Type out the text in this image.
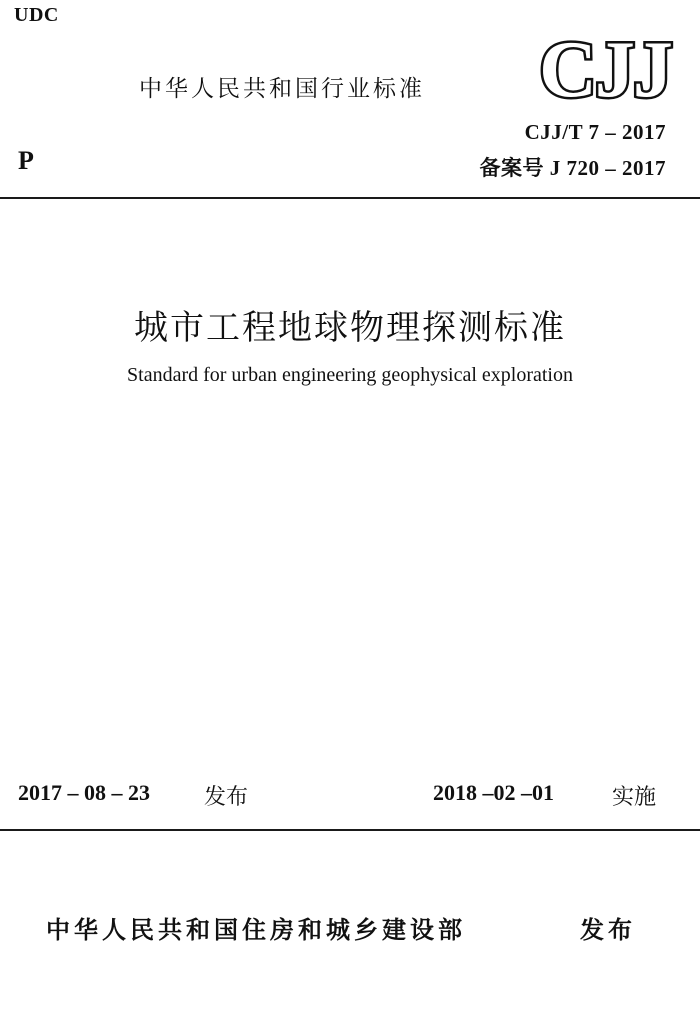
UDC
中华人民共和国行业标准 CJJ
P
CJJ/T 7 – 2017
备案号 J 720 – 2017
城市工程地球物理探测标准
Standard for urban engineering geophysical exploration
2017 – 08 – 23 发布	2018 –02 –01	实施
中华人民共和国住房和城乡建设部	发布
